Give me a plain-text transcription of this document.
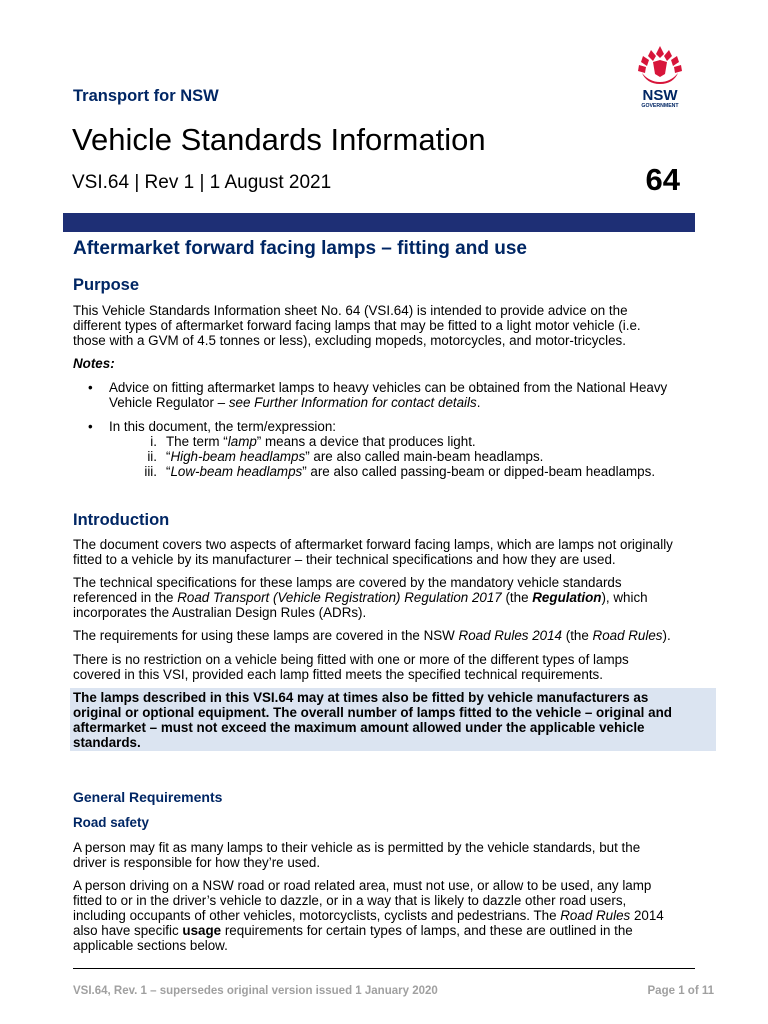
Transport for NSW	NSW
GOVERNMENT
Vehicle Standards Information
VSI.64 | Rev 1 | 1 August 2021	64
Aftermarket forward facing lamps – fitting and use
Purpose
This Vehicle Standards Information sheet No. 64 (VSI.64) is intended to provide advice on the
different types of aftermarket forward facing lamps that may be fitted to a light motor vehicle (i.e.
those with a GVM of 4.5 tonnes or less), excluding mopeds, motorcycles, and motor-tricycles.
Notes:
• Advice on fitting aftermarket lamps to heavy vehicles can be obtained from the National Heavy
Vehicle Regulator – see Further Information for contact details.
• In this document, the term/expression:
i. The term “lamp” means a device that produces light.
ii. “High-beam headlamps” are also called main-beam headlamps.
iii. “Low-beam headlamps” are also called passing-beam or dipped-beam headlamps.
Introduction
The document covers two aspects of aftermarket forward facing lamps, which are lamps not originally
fitted to a vehicle by its manufacturer – their technical specifications and how they are used.
The technical specifications for these lamps are covered by the mandatory vehicle standards
referenced in the Road Transport (Vehicle Registration) Regulation 2017 (the Regulation), which
incorporates the Australian Design Rules (ADRs).
The requirements for using these lamps are covered in the NSW Road Rules 2014 (the Road Rules).
There is no restriction on a vehicle being fitted with one or more of the different types of lamps
covered in this VSI, provided each lamp fitted meets the specified technical requirements.
The lamps described in this VSI.64 may at times also be fitted by vehicle manufacturers as
original or optional equipment. The overall number of lamps fitted to the vehicle – original and
aftermarket – must not exceed the maximum amount allowed under the applicable vehicle
standards.
General Requirements
Road safety
A person may fit as many lamps to their vehicle as is permitted by the vehicle standards, but the
driver is responsible for how they’re used.
A person driving on a NSW road or road related area, must not use, or allow to be used, any lamp
fitted to or in the driver’s vehicle to dazzle, or in a way that is likely to dazzle other road users,
including occupants of other vehicles, motorcyclists, cyclists and pedestrians. The Road Rules 2014
also have specific usage requirements for certain types of lamps, and these are outlined in the
applicable sections below.
VSI.64, Rev. 1 – supersedes original version issued 1 January 2020	Page 1 of 11
